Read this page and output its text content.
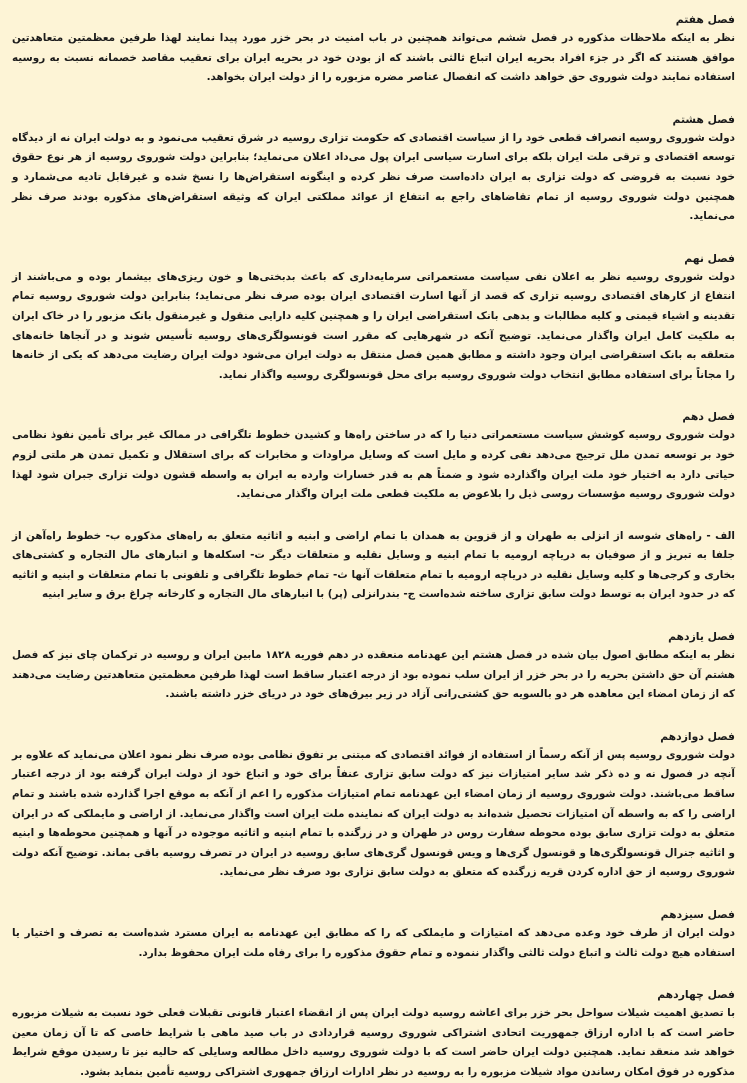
فصل هفتم

نظر به اینکه ملاحظات مذکوره در فصل ششم می‌تواند همچنین در باب امنیت در بحر خزر مورد پیدا نمایند لهذا طرفین معظمتین متعاهدتین موافق هستند که اگر در جزء افراد بحریه ایران اتباع ثالثی باشند که از بودن خود در بحریه ایران برای تعقیب مقاصد خصمانه نسبت به روسیه استفاده نمایند دولت شوروی حق خواهد داشت که انفصال عناصر مضره مزبوره را از دولت ایران بخواهد.

فصل هشتم

دولت شوروی روسیه انصراف قطعی خود را از سیاست اقتصادی که حکومت تزاری روسیه در شرق تعقیب می‌نمود و به دولت ایران نه از دیدگاه توسعه اقتصادی و ترقی ملت ایران بلکه برای اسارت سیاسی ایران پول می‌داد اعلان می‌نماید؛ بنابراین دولت شوروی روسیه از هر نوع حقوق خود نسبت به قروضی که دولت تزاری به ایران داده‌است صرف نظر کرده و اینگونه استقراض‌ها را نسخ شده و غیرقابل تادیه می‌شمارد و همچنین دولت شوروی روسیه از تمام تقاضاهای راجع به انتفاع از عوائد مملکتی ایران که وثیقه استقراض‌های مذکوره بودند صرف نظر می‌نماید.

فصل نهم

دولت شوروی روسیه نظر به اعلان نفی سیاست مستعمراتی سرمایه‌داری که باعث بدبختی‌ها و خون ریزی‌های بیشمار بوده و می‌باشند از انتفاع از کارهای اقتصادی روسیه تزاری که قصد از آنها اسارت اقتصادی ایران بوده صرف نظر می‌نماید؛ بنابراین دولت شوروی روسیه تمام تقدینه و اشیاء قیمتی و کلیه مطالبات و بدهی بانک استقراضی ایران را و همچنین کلیه دارایی منقول و غیرمنقول بانک مزبور را در خاک ایران به ملکیت کامل ایران واگذار می‌نماید. توضیح آنکه در شهرهایی که مقرر است قونسولگری‌های روسیه تأسیس شوند و در آنجاها خانه‌های متعلقه به بانک استقراضی ایران وجود داشته و مطابق همین فصل منتقل به دولت ایران می‌شود دولت ایران رضایت می‌دهد که یکی از خانه‌ها را مجاناً برای استفاده مطابق انتخاب دولت شوروی روسیه برای محل قونسولگری روسیه واگذار نماید.

فصل دهم

دولت شوروی روسیه کوشش سیاست مستعمراتی دنیا را که در ساختن راه‌ها و کشیدن خطوط تلگرافی در ممالک غیر برای تأمین نفوذ نظامی خود بر توسعه تمدن ملل ترجیح می‌دهد نفی کرده و مایل است که وسایل مراودات و مخابرات که برای استقلال و تکمیل تمدن هر ملتی لزوم حیاتی دارد به اختیار خود ملت ایران واگذارده شود و ضمناً هم به قدر خسارات وارده به ایران به واسطه قشون دولت تزاری جبران شود لهذا دولت شوروی روسیه مؤسسات روسی ذیل را بلاعوض به ملکیت قطعی ملت ایران واگذار می‌نماید.

الف - راه‌های شوسه از انزلی به طهران و از قزوین به همدان با تمام اراضی و ابنیه و اثاثیه متعلق به راه‌های مذکوره ب- خطوط راه‌آهن از جلفا به تبریز و از صوفیان به دریاچه ارومیه با تمام ابنیه و وسایل نقلیه و متعلقات دیگر ت- اسکله‌ها و انبارهای مال التجاره و کشتی‌های بخاری و کرجی‌ها و کلیه وسایل نقلیه در دریاچه ارومیه با تمام متعلقات آنها ث- تمام خطوط تلگرافی و تلفونی با تمام متعلقات و ابنیه و اثاثیه که در حدود ایران به توسط دولت سابق تزاری ساخته شده‌است ج- بندرانزلی (پر) با انبارهای مال التجاره و کارخانه چراغ برق و سایر ابنیه

فصل یازدهم

نظر به اینکه مطابق اصول بیان شده در فصل هشتم این عهدنامه منعقده در دهم فوریه ۱۸۲۸ مابین ایران و روسیه در ترکمان چای نیز که فصل هشتم آن حق داشتن بحریه را در بحر خزر از ایران سلب نموده بود از درجه اعتبار ساقط است لهذا طرفین معظمتین متعاهدتین رضایت می‌دهند که از زمان امضاء این معاهده هر دو بالسویه حق کشتی‌رانی آزاد در زیر بیرق‌های خود در دریای خزر داشته باشند.

فصل دوازدهم

دولت شوروی روسیه پس از آنکه رسماً از استفاده از فوائد اقتصادی که مبتنی بر تفوق نظامی بوده صرف نظر نمود اعلان می‌نماید که علاوه بر آنچه در فصول نه و ده ذکر شد سایر امتیازات نیز که دولت سابق تزاری عنفاً برای خود و اتباع خود از دولت ایران گرفته بود از درجه اعتبار ساقط می‌باشند. دولت شوروی روسیه از زمان امضاء این عهدنامه تمام امتیازات مذکوره را اعم از آنکه به موقع اجرا گذارده شده باشند و تمام اراضی را که به واسطه آن امتیازات تحصیل شده‌اند به دولت ایران که نماینده ملت ایران است واگذار می‌نماید. از اراضی و مایملکی که در ایران متعلق به دولت تزاری سابق بوده محوطه سفارت روس در طهران و در زرگنده با تمام ابنیه و اثاثیه موجوده در آنها و همچنین محوطه‌ها و ابنیه و اثاثیه جنرال قونسولگری‌ها و قونسول گری‌ها و ویس قونسول گری‌های سابق روسیه در ایران در تصرف روسیه باقی بماند. توضیح آنکه دولت شوروی روسیه از حق اداره کردن قریه زرگنده که متعلق به دولت سابق تزاری بود صرف نظر می‌نماید.

فصل سیزدهم

دولت ایران از طرف خود وعده می‌دهد که امتیازات و مایملکی که را که مطابق این عهدنامه به ایران مسترد شده‌است به تصرف و اختیار یا استفاده هیچ دولت ثالث و اتباع دولت ثالثی واگذار ننموده و تمام حقوق مذکوره را برای رفاه ملت ایران محفوظ بدارد.

فصل چهاردهم

با تصدیق اهمیت شیلات سواحل بحر خزر برای اعاشه روسیه دولت ایران پس از انقضاء اعتبار قانونی تقبلات فعلی خود نسبت به شیلات مزبوره حاضر است که با اداره ارزاق جمهوریت اتحادی اشتراکی شوروی روسیه قراردادی در باب صید ماهی با شرایط خاصی که تا آن زمان معین خواهد شد منعقد نماید. همچنین دولت ایران حاضر است که با دولت شوروی روسیه داخل مطالعه وسایلی که حالیه نیز تا رسیدن موقع شرایط مذکوره در فوق امکان رساندن مواد شیلات مزبوره را به روسیه در نظر ادارات ارزاق جمهوری اشتراکی روسیه تأمین بنماید بشود.
